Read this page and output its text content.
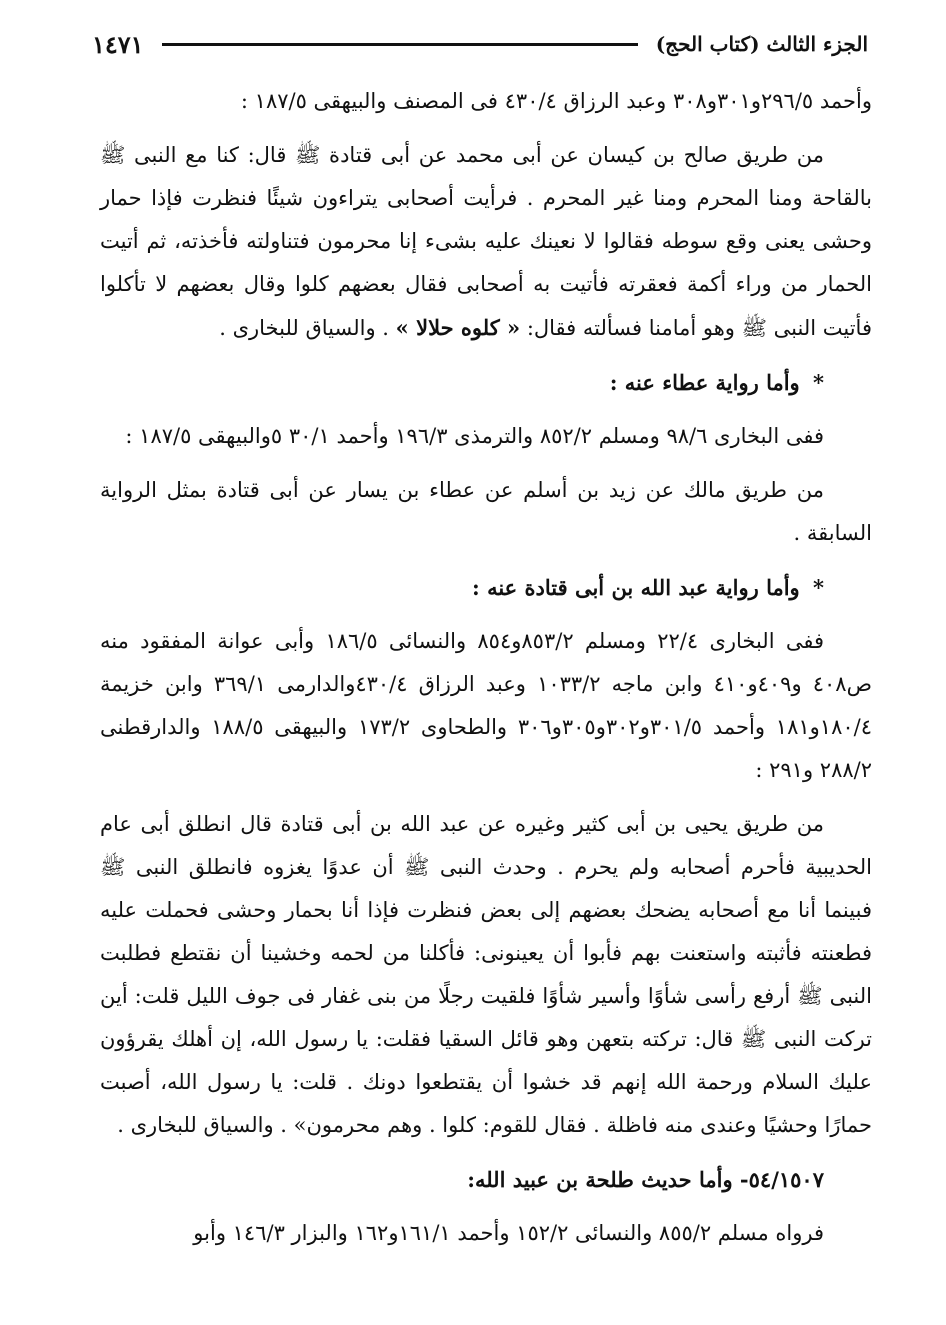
الجزء الثالث (كتاب الحج)
١٤٧١

وأحمد ٢٩٦/٥و٣٠١و٣٠٨ وعبد الرزاق ٤٣٠/٤ فى المصنف والبيهقى ١٨٧/٥ :

من طريق صالح بن كيسان عن أبى محمد عن أبى قتادة ﷺ قال: كنا مع النبى ﷺ بالقاحة ومنا المحرم ومنا غير المحرم . فرأيت أصحابى يتراءون شيئًا فنظرت فإذا حمار وحشى يعنى وقع سوطه فقالوا لا نعينك عليه بشىء إنا محرمون فتناولته فأخذته، ثم أتيت الحمار من وراء أكمة فعقرته فأتيت به أصحابى فقال بعضهم كلوا وقال بعضهم لا تأكلوا فأتيت النبى ﷺ وهو أمامنا فسألته فقال: « كلوه حلالا » . والسياق للبخارى .

* وأما رواية عطاء عنه :

ففى البخارى ٩٨/٦ ومسلم ٨٥٢/٢ والترمذى ١٩٦/٣ وأحمد ٣٠/١ ٥والبيهقى ١٨٧/٥ :

من طريق مالك عن زيد بن أسلم عن عطاء بن يسار عن أبى قتادة بمثل الرواية السابقة .

* وأما رواية عبد الله بن أبى قتادة عنه :

ففى البخارى ٢٢/٤ ومسلم ٨٥٣/٢و٨٥٤ والنسائى ١٨٦/٥ وأبى عوانة المفقود منه ص٤٠٨ و٤٠٩و٤١٠ وابن ماجه ١٠٣٣/٢ وعبد الرزاق ٤٣٠/٤والدارمى ٣٦٩/١ وابن خزيمة ١٨٠/٤و١٨١ وأحمد ٣٠١/٥و٣٠٢و٣٠٥و٣٠٦ والطحاوى ١٧٣/٢ والبيهقى ١٨٨/٥ والدارقطنى ٢٨٨/٢ و٢٩١ :

من طريق يحيى بن أبى كثير وغيره عن عبد الله بن أبى قتادة قال انطلق أبى عام الحديبية فأحرم أصحابه ولم يحرم . وحدث النبى ﷺ أن عدوًا يغزوه فانطلق النبى ﷺ فبينما أنا مع أصحابه يضحك بعضهم إلى بعض فنظرت فإذا أنا بحمار وحشى فحملت عليه فطعنته فأثبته واستعنت بهم فأبوا أن يعينونى: فأكلنا من لحمه وخشينا أن نقتطع فطلبت النبى ﷺ أرفع رأسى شأوًا وأسير شأوًا فلقيت رجلًا من بنى غفار فى جوف الليل قلت: أين تركت النبى ﷺ قال: تركته بتعهن وهو قائل السقيا فقلت: يا رسول الله، إن أهلك يقرؤون عليك السلام ورحمة الله إنهم قد خشوا أن يقتطعوا دونك . قلت: يا رسول الله، أصبت حمارًا وحشيًا وعندى منه فاظلة . فقال للقوم: كلوا . وهم محرمون» . والسياق للبخارى .

٥٤/١٥٠٧- وأما حديث طلحة بن عبيد الله:

فرواه مسلم ٨٥٥/٢ والنسائى ١٥٢/٢ وأحمد ١٦١/١و١٦٢ والبزار ١٤٦/٣ وأبو
